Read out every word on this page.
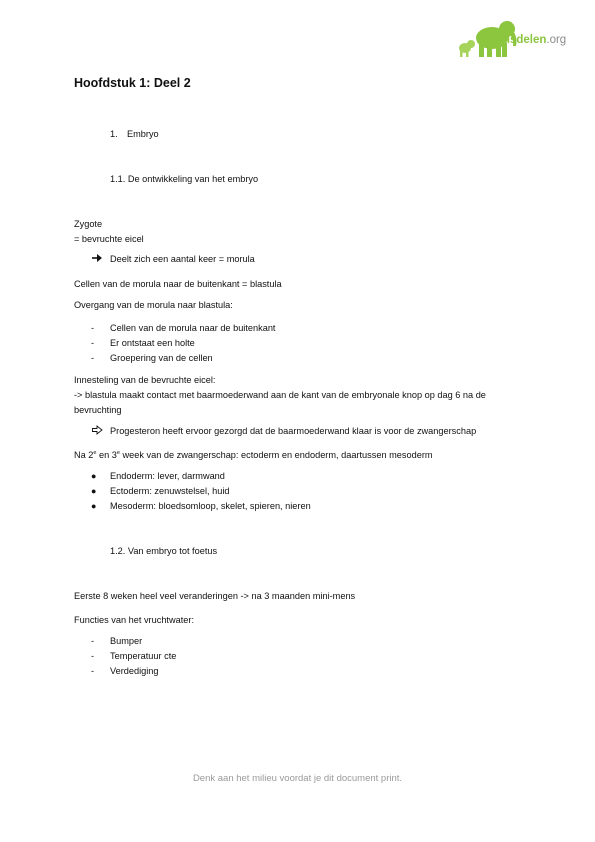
Kennisdelen.org
Hoofdstuk 1: Deel 2
1. Embryo
1.1. De ontwikkeling van het embryo
Zygote
= bevruchte eicel
Deelt zich een aantal keer = morula
Cellen van de morula naar de buitenkant = blastula
Overgang van de morula naar blastula:
- Cellen van de morula naar de buitenkant
- Er ontstaat een holte
- Groepering van de cellen
Innesteling van de bevruchte eicel:
-> blastula maakt contact met baarmoederwand aan de kant van de embryonale knop op dag 6 na de
bevruchting
Progesteron heeft ervoor gezorgd dat de baarmoederwand klaar is voor de zwangerschap
Na 2e en 3e week van de zwangerschap: ectoderm en endoderm, daartussen mesoderm
● Endoderm: lever, darmwand
● Ectoderm: zenuwstelsel, huid
● Mesoderm: bloedsomloop, skelet, spieren, nieren
1.2. Van embryo tot foetus
Eerste 8 weken heel veel veranderingen -> na 3 maanden mini-mens
Functies van het vruchtwater:
- Bumper
- Temperatuur cte
- Verdediging
Denk aan het milieu voordat je dit document print.
